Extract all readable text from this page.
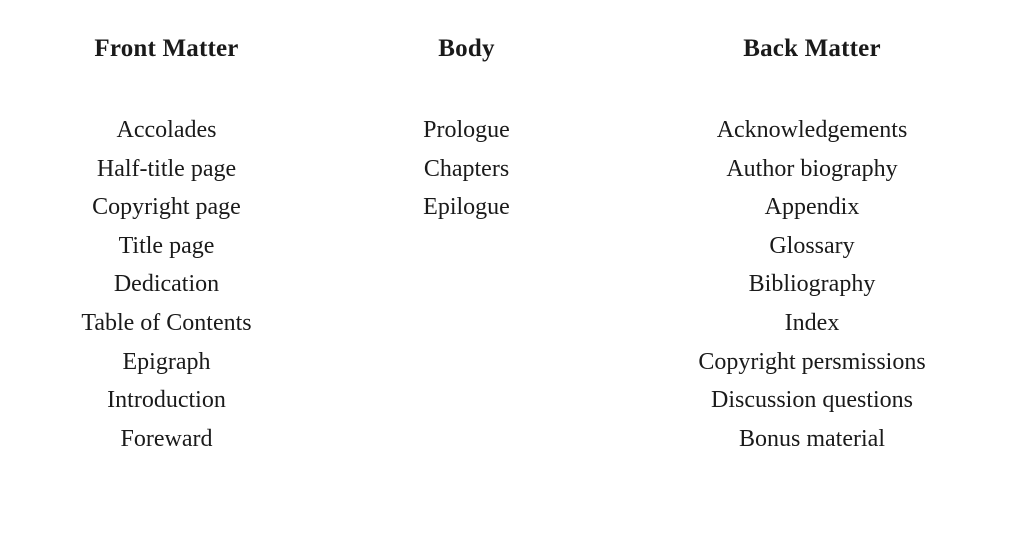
Front Matter
Accolades
Half-title page
Copyright page
Title page
Dedication
Table of Contents
Epigraph
Introduction
Foreward
Body
Prologue
Chapters
Epilogue
Back Matter
Acknowledgements
Author biography
Appendix
Glossary
Bibliography
Index
Copyright persmissions
Discussion questions
Bonus material
